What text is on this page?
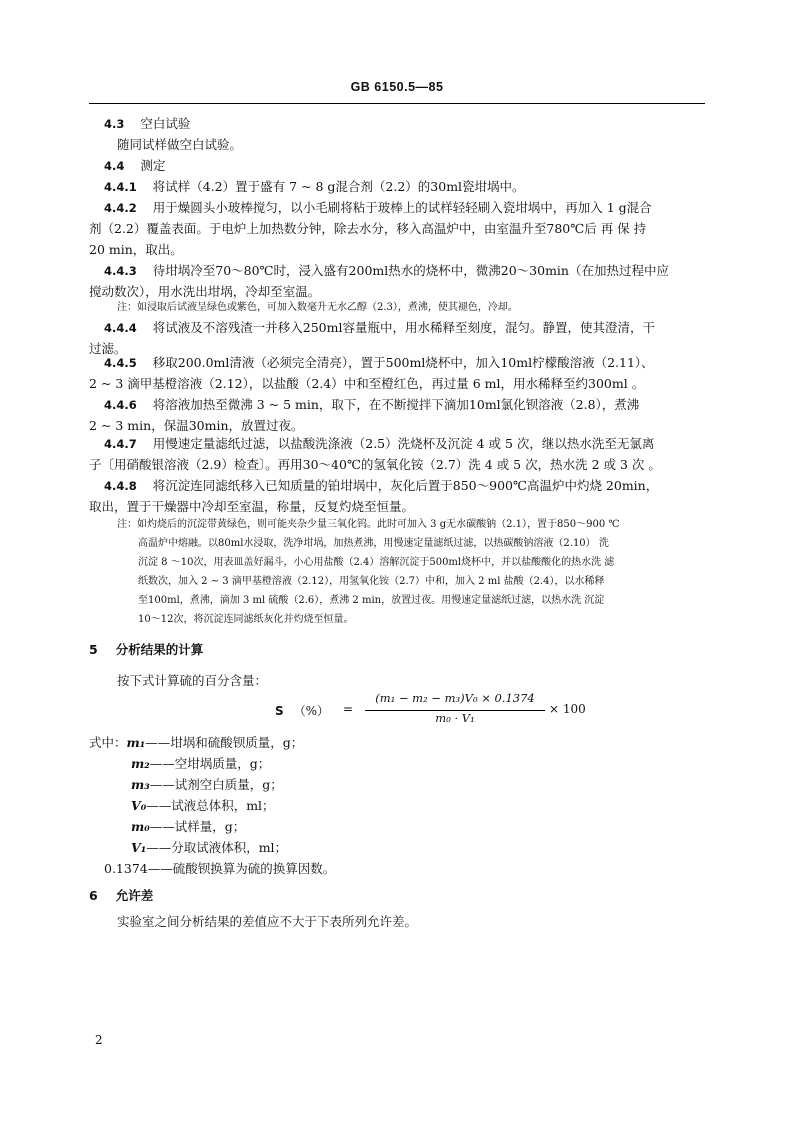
GB 6150.5—85
4.3 空白试验
随同试样做空白试验。
4.4 测定
4.4.1 将试样（4.2）置于盛有 7 ~ 8 g混合剂（2.2）的30ml瓷坩埚中。
4.4.2 用于燥圆头小玻棒搅匀，以小毛刷将粘于玻棒上的试样轻轻刷入瓷坩埚中，再加入 1 g混合
剂（2.2）覆盖表面。于电炉上加热数分钟，除去水分，移入高温炉中，由室温升至780℃后 再 保 持
20 min，取出。
4.4.3 待坩埚冷至70～80℃时，浸入盛有200ml热水的烧杯中，微沸20～30min（在加热过程中应
搅动数次），用水洗出坩埚，冷却至室温。
注：如浸取后试液呈绿色或紫色，可加入数毫升无水乙醇（2.3），煮沸，使其褪色，冷却。
4.4.4 将试液及不溶残渣一并移入250ml容量瓶中，用水稀释至刻度，混匀。静置，使其澄清，干
过滤。
4.4.5 移取200.0ml清液（必须完全清亮），置于500ml烧杯中，加入10ml柠檬酸溶液（2.11）、
2 ~ 3 滴甲基橙溶液（2.12），以盐酸（2.4）中和至橙红色，再过量 6 ml，用水稀释至约300ml 。
4.4.6 将溶液加热至微沸 3 ~ 5 min，取下，在不断搅拌下滴加10ml氯化钡溶液（2.8），煮沸
2 ~ 3 min，保温30min，放置过夜。
4.4.7 用慢速定量滤纸过滤，以盐酸洗涤液（2.5）洗烧杯及沉淀 4 或 5 次，继以热水洗至无氯离
子〔用硝酸银溶液（2.9）检查〕。再用30～40℃的氢氧化铵（2.7）洗 4 或 5 次，热水洗 2 或 3 次 。
4.4.8 将沉淀连同滤纸移入已知质量的铂坩埚中，灰化后置于850～900℃高温炉中灼烧 20min，
取出，置于干燥器中冷却至室温，称量，反复灼烧至恒量。
注：如灼烧后的沉淀带黄绿色，则可能夹杂少量三氧化钨。此时可加入 3 g无水碳酸钠（2.1），置于850～900 ℃
高温炉中熔融。以80ml水浸取，洗净坩埚，加热煮沸，用慢速定量滤纸过滤，以热碳酸钠溶液（2.10） 洗
沉淀 8 ～10次，用表皿盖好漏斗，小心用盐酸（2.4）溶解沉淀于500ml烧杯中，并以盐酸酸化的热水洗 滤
纸数次，加入 2 ~ 3 滴甲基橙溶液（2.12），用氢氧化铵（2.7）中和，加入 2 ml 盐酸（2.4），以水稀释
至100ml，煮沸，滴加 3 ml 硫酸（2.6），煮沸 2 min，放置过夜。用慢速定量滤纸过滤，以热水洗 沉淀
10～12次，将沉淀连同滤纸灰化并灼烧至恒量。
5 分析结果的计算
按下式计算硫的百分含量：
S （%） =
(m₁ − m₂ − m₃)V₀ × 0.1374
m₀ · V₁
× 100
式中：m₁——坩埚和硫酸钡质量，g；
m₂——空坩埚质量，g；
m₃——试剂空白质量，g；
V₀——试液总体积，ml；
m₀——试样量，g；
V₁——分取试液体积，ml；
0.1374——硫酸钡换算为硫的换算因数。
6 允许差
实验室之间分析结果的差值应不大于下表所列允许差。
2
